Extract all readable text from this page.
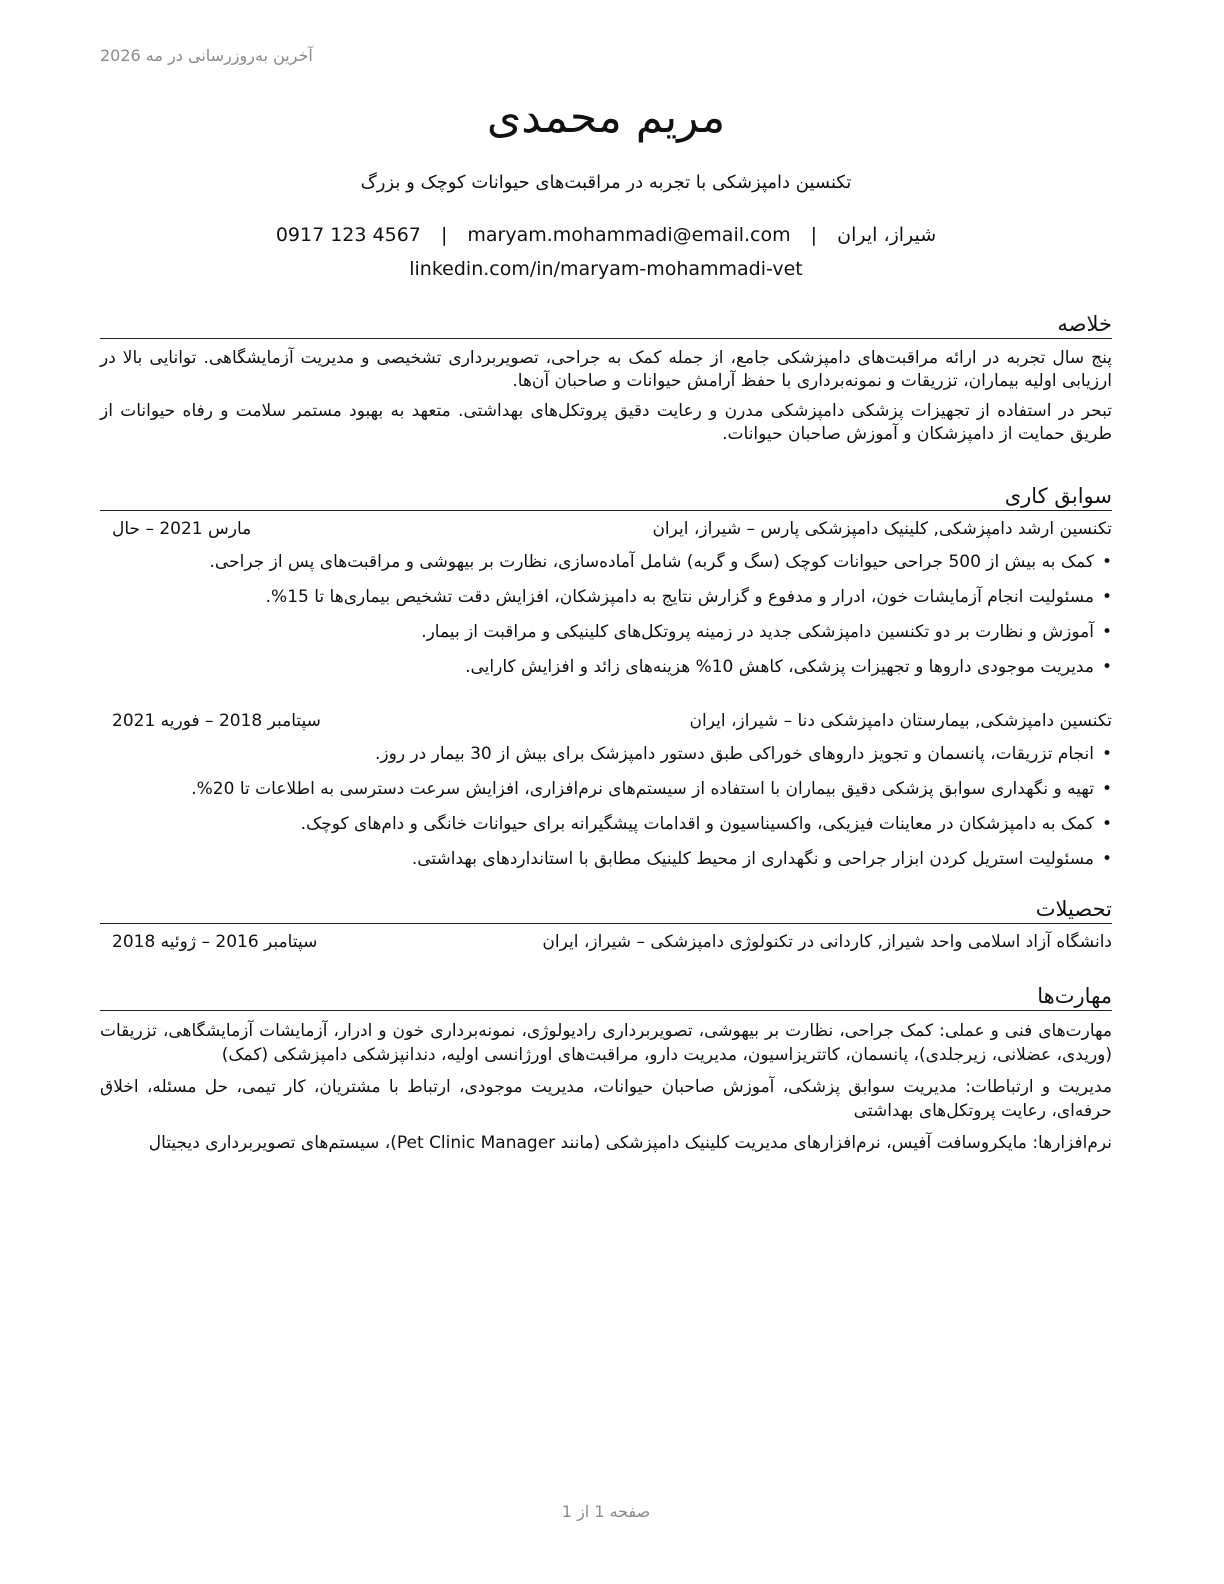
آخرین به‌روزرسانی در مه 2026
مریم محمدی
تکنسین دامپزشکی با تجربه در مراقبت‌های حیوانات کوچک و بزرگ
شیراز، ایران | maryam.mohammadi@email.com | 0917 123 4567
linkedin.com/in/maryam-mohammadi-vet
خلاصه

پنج سال تجربه در ارائه مراقبت‌های دامپزشکی جامع، از جمله کمک به جراحی، تصویربرداری تشخیصی و مدیریت آزمایشگاهی. توانایی بالا در ارزیابی اولیه بیماران، تزریقات و نمونه‌برداری با حفظ آرامش حیوانات و صاحبان آن‌ها.

تبحر در استفاده از تجهیزات پزشکی دامپزشکی مدرن و رعایت دقیق پروتکل‌های بهداشتی. متعهد به بهبود مستمر سلامت و رفاه حیوانات از طریق حمایت از دامپزشکان و آموزش صاحبان حیوانات.

سوابق کاری
تکنسین ارشد دامپزشکی, کلینیک دامپزشکی پارس – شیراز، ایران
مارس 2021 – حال
• کمک به بیش از 500 جراحی حیوانات کوچک (سگ و گربه) شامل آماده‌سازی، نظارت بر بیهوشی و مراقبت‌های پس از جراحی.
• مسئولیت انجام آزمایشات خون، ادرار و مدفوع و گزارش نتایج به دامپزشکان، افزایش دقت تشخیص بیماری‌ها تا 15%.
• آموزش و نظارت بر دو تکنسین دامپزشکی جدید در زمینه پروتکل‌های کلینیکی و مراقبت از بیمار.
• مدیریت موجودی داروها و تجهیزات پزشکی، کاهش 10% هزینه‌های زائد و افزایش کارایی.
تکنسین دامپزشکی, بیمارستان دامپزشکی دنا – شیراز، ایران
سپتامبر 2018 – فوریه 2021
• انجام تزریقات، پانسمان و تجویز داروهای خوراکی طبق دستور دامپزشک برای بیش از 30 بیمار در روز.
• تهیه و نگهداری سوابق پزشکی دقیق بیماران با استفاده از سیستم‌های نرم‌افزاری، افزایش سرعت دسترسی به اطلاعات تا 20%.
• کمک به دامپزشکان در معاینات فیزیکی، واکسیناسیون و اقدامات پیشگیرانه برای حیوانات خانگی و دام‌های کوچک.
• مسئولیت استریل کردن ابزار جراحی و نگهداری از محیط کلینیک مطابق با استانداردهای بهداشتی.
تحصیلات
دانشگاه آزاد اسلامی واحد شیراز, کاردانی در تکنولوژی دامپزشکی – شیراز، ایران
سپتامبر 2016 – ژوئیه 2018
مهارت‌ها

مهارت‌های فنی و عملی: کمک جراحی، نظارت بر بیهوشی، تصویربرداری رادیولوژی، نمونه‌برداری خون و ادرار، آزمایشات آزمایشگاهی، تزریقات (وریدی، عضلانی، زیرجلدی)، پانسمان، کاتتریزاسیون، مدیریت دارو، مراقبت‌های اورژانسی اولیه، دندانپزشکی دامپزشکی (کمک)

مدیریت و ارتباطات: مدیریت سوابق پزشکی، آموزش صاحبان حیوانات، مدیریت موجودی، ارتباط با مشتریان، کار تیمی، حل مسئله، اخلاق حرفه‌ای، رعایت پروتکل‌های بهداشتی

نرم‌افزارها: مایکروسافت آفیس، نرم‌افزارهای مدیریت کلینیک دامپزشکی (مانند Pet Clinic Manager)، سیستم‌های تصویربرداری دیجیتال

صفحه 1 از 1
